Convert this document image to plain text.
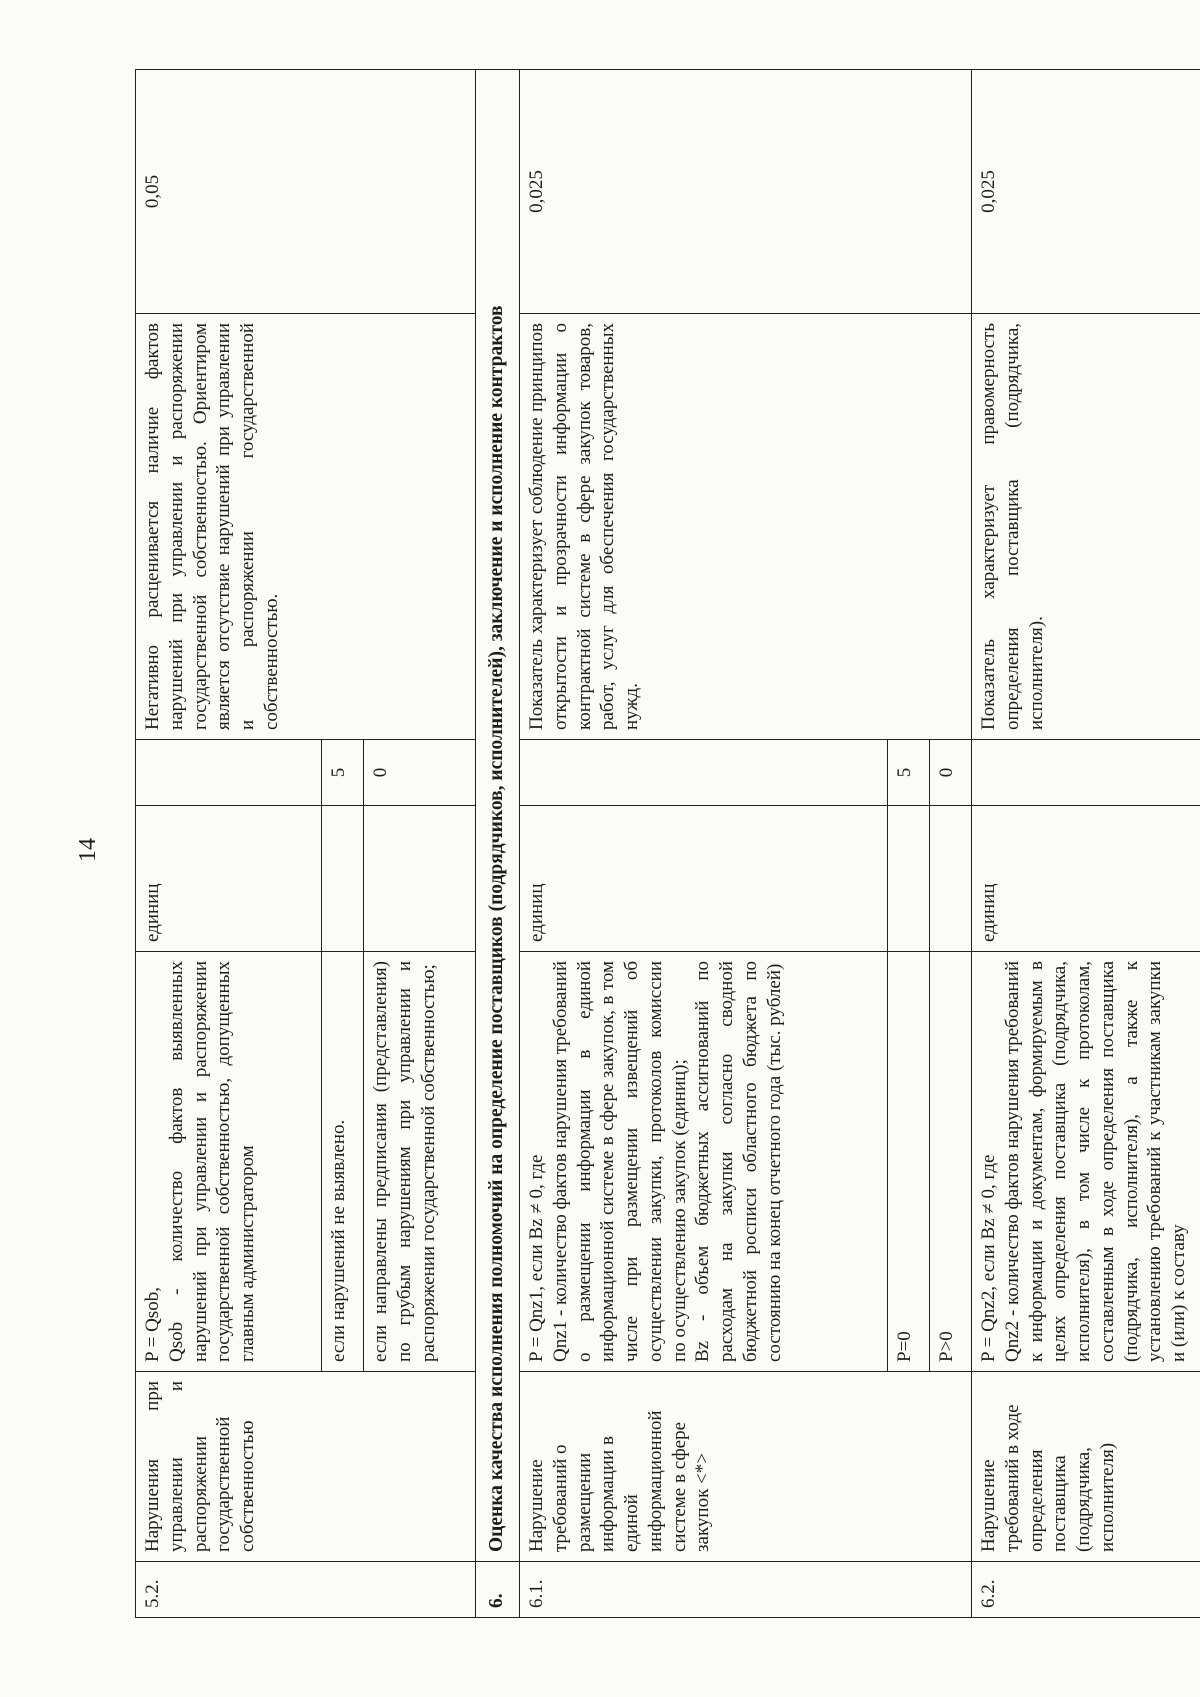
14
5.2.	Нарушения при управлении и распоряжении государственной собственностью	P = Qsob, Qsob - количество фактов выявленных нарушений при управлении и распоряжении государственной собственностью, допущенных главным администратором	единиц		Негативно расценивается наличие фактов нарушений при управлении и распоряжении государственной собственностью. Ориентиром является отсутствие нарушений при управлении и распоряжении государственной собственностью.	0,05
		если нарушений не выявлено.		5		
		если направлены предписания (представления) по грубым нарушениям при управлении и распоряжении государственной собственностью;		0		
6.	Оценка качества исполнения полномочий на определение поставщиков (подрядчиков, исполнителей), заключение и исполнение контрактов					
6.1.	Нарушение требований о размещении информации в единой информационной системе в сфере закупок <*>	P = Qnz1, если Bz ≠ 0, где Qnz1 - количество фактов нарушения требований о размещении информации в единой информационной системе в сфере закупок, в том числе при размещении извещений об осуществлении закупки, протоколов комиссии по осуществлению закупок (единиц); Bz - объем бюджетных ассигнований по расходам на закупки согласно сводной бюджетной росписи областного бюджета по состоянию на конец отчетного года (тыс. рублей)	единиц		Показатель характеризует соблюдение принципов открытости и прозрачности информации о контрактной системе в сфере закупок товаров, работ, услуг для обеспечения государственных нужд.	0,025
		P=0		5		
		P>0		0		
6.2.	Нарушение требований в ходе определения поставщика (подрядчика, исполнителя)	P = Qnz2, если Bz ≠ 0, где Qnz2 - количество фактов нарушения требований к информации и документам, формируемым в целях определения поставщика (подрядчика, исполнителя), в том числе к протоколам, составленным в ходе определения поставщика (подрядчика, исполнителя), а также к установлению требований к участникам закупки и (или) к составу	единиц		Показатель характеризует правомерность определения поставщика (подрядчика, исполнителя).	0,025
